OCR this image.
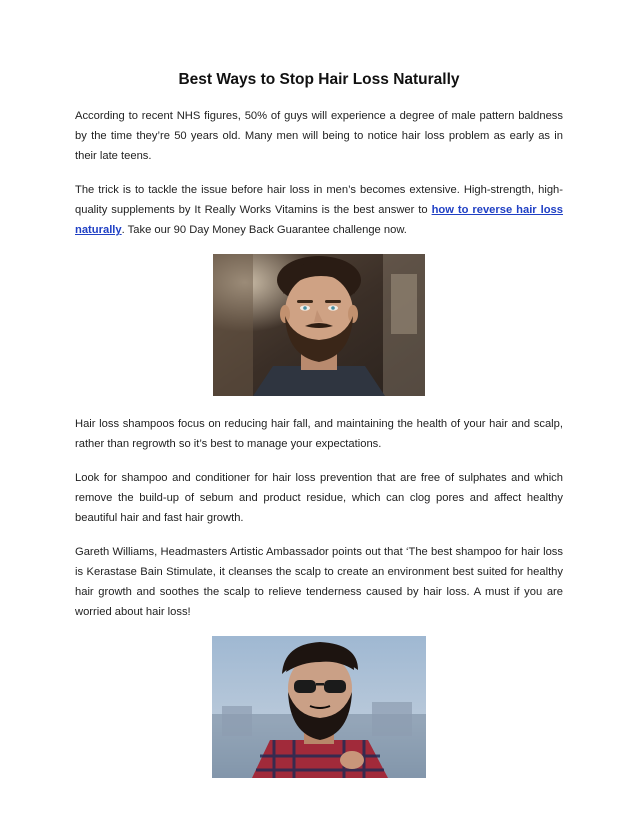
Best Ways to Stop Hair Loss Naturally

According to recent NHS figures, 50% of guys will experience a degree of male pattern baldness by the time they’re 50 years old. Many men will being to notice hair loss problem as early as in their late teens.

The trick is to tackle the issue before hair loss in men’s becomes extensive. High-strength, high-quality supplements by It Really Works Vitamins is the best answer to how to reverse hair loss naturally. Take our 90 Day Money Back Guarantee challenge now.

Hair loss shampoos focus on reducing hair fall, and maintaining the health of your hair and scalp, rather than regrowth so it’s best to manage your expectations.

Look for shampoo and conditioner for hair loss prevention that are free of sulphates and which remove the build-up of sebum and product residue, which can clog pores and affect healthy beautiful hair and fast hair growth.

Gareth Williams, Headmasters Artistic Ambassador points out that ‘The best shampoo for hair loss is Kerastase Bain Stimulate, it cleanses the scalp to create an environment best suited for healthy hair growth and soothes the scalp to relieve tenderness caused by hair loss. A must if you are worried about hair loss!
